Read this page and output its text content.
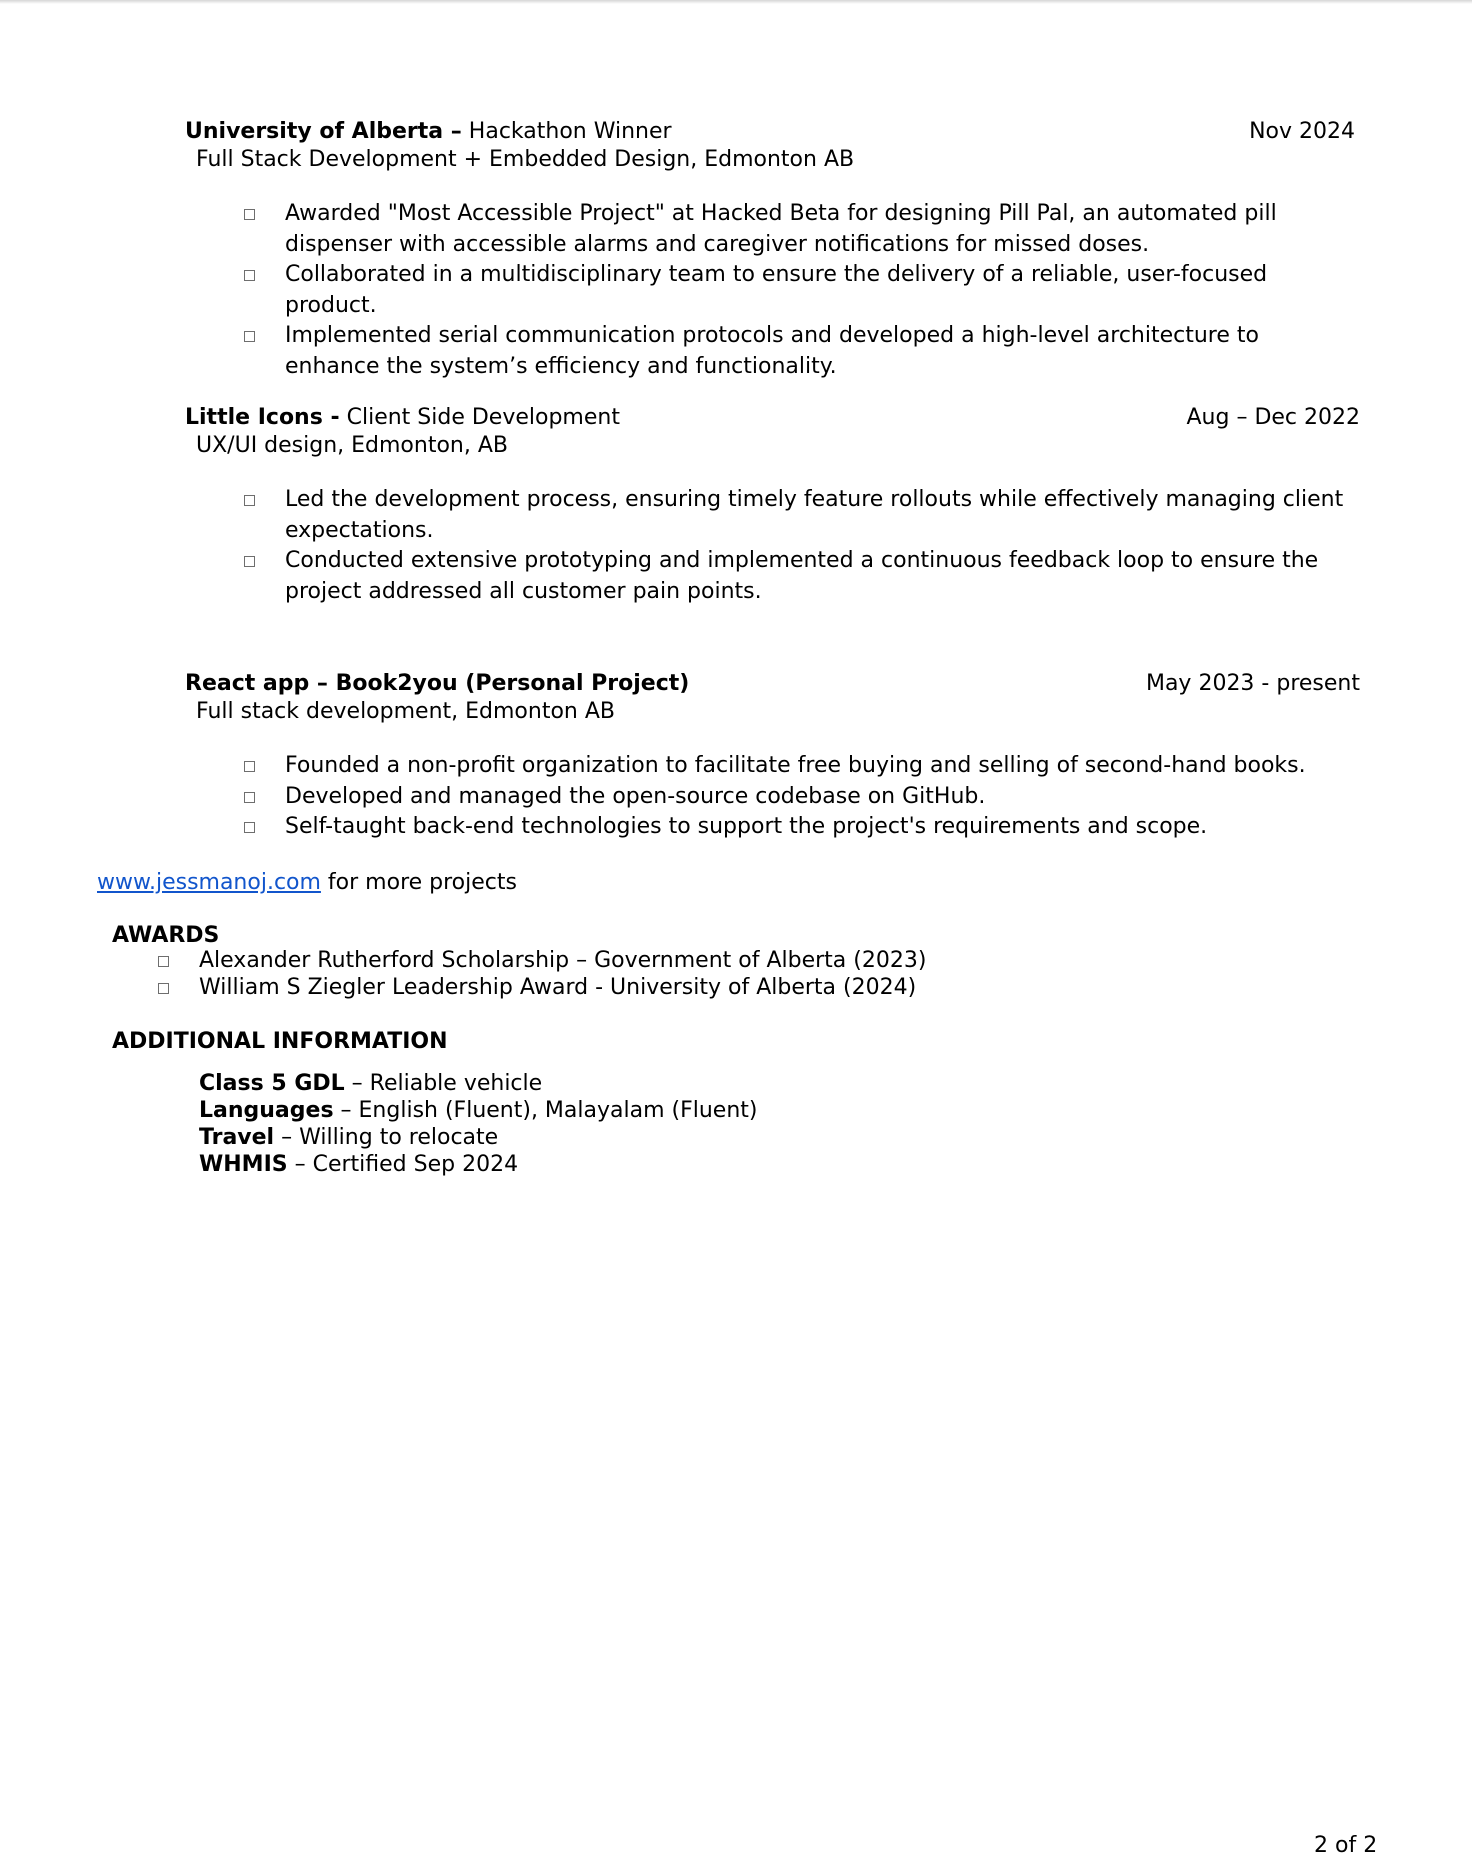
University of Alberta – Hackathon Winner	Nov 2024
Full Stack Development + Embedded Design, Edmonton AB
Awarded "Most Accessible Project" at Hacked Beta for designing Pill Pal, an automated pill dispenser with accessible alarms and caregiver notifications for missed doses.
Collaborated in a multidisciplinary team to ensure the delivery of a reliable, user-focused product.
Implemented serial communication protocols and developed a high-level architecture to enhance the system’s efficiency and functionality.
Little Icons - Client Side Development	Aug – Dec 2022
UX/UI design, Edmonton, AB
Led the development process, ensuring timely feature rollouts while effectively managing client expectations.
Conducted extensive prototyping and implemented a continuous feedback loop to ensure the project addressed all customer pain points.
React app – Book2you (Personal Project)	May 2023 - present
Full stack development, Edmonton AB
Founded a non-profit organization to facilitate free buying and selling of second-hand books.
Developed and managed the open-source codebase on GitHub.
Self-taught back-end technologies to support the project's requirements and scope.
www.jessmanoj.com for more projects
AWARDS
Alexander Rutherford Scholarship – Government of Alberta (2023)
William S Ziegler Leadership Award - University of Alberta (2024)
ADDITIONAL INFORMATION
Class 5 GDL – Reliable vehicle
Languages – English (Fluent), Malayalam (Fluent)
Travel – Willing to relocate
WHMIS – Certified Sep 2024
2 of 2
